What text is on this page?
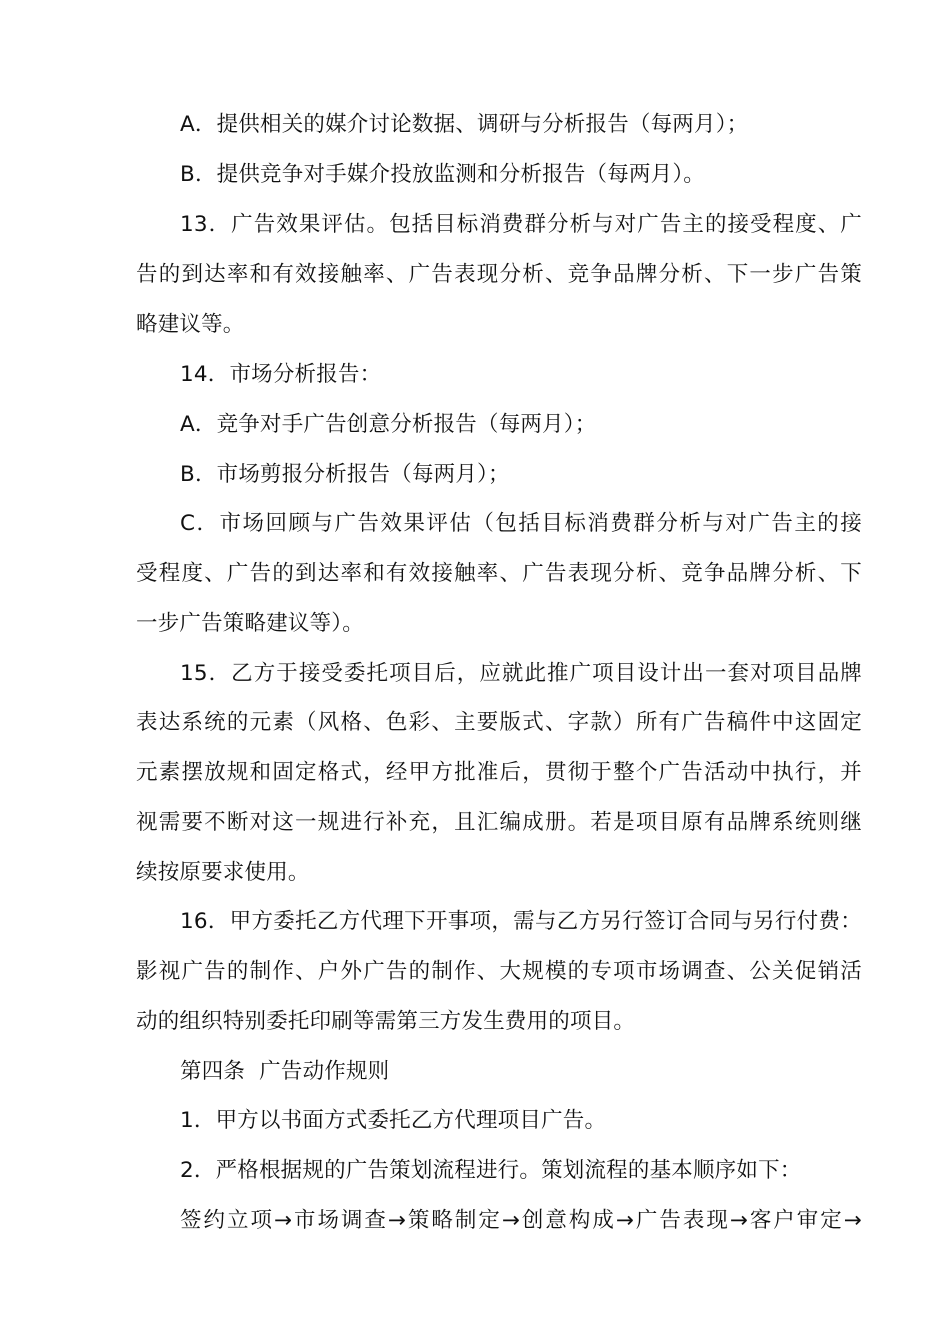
A．提供相关的媒介讨论数据、调研与分析报告（每两月）；
B．提供竞争对手媒介投放监测和分析报告（每两月）。
13．广告效果评估。包括目标消费群分析与对广告主的接受程度、广
告的到达率和有效接触率、广告表现分析、竞争品牌分析、下一步广告策
略建议等。
14．市场分析报告：
A．竞争对手广告创意分析报告（每两月）；
B．市场剪报分析报告（每两月）；
C．市场回顾与广告效果评估（包括目标消费群分析与对广告主的接
受程度、广告的到达率和有效接触率、广告表现分析、竞争品牌分析、下
一步广告策略建议等）。
15．乙方于接受委托项目后，应就此推广项目设计出一套对项目品牌
表达系统的元素（风格、色彩、主要版式、字款）所有广告稿件中这固定
元素摆放规和固定格式，经甲方批准后，贯彻于整个广告活动中执行，并
视需要不断对这一规进行补充，且汇编成册。若是项目原有品牌系统则继
续按原要求使用。
16．甲方委托乙方代理下开事项，需与乙方另行签订合同与另行付费：
影视广告的制作、户外广告的制作、大规模的专项市场调查、公关促销活
动的组织特别委托印刷等需第三方发生费用的项目。
第四条  广告动作规则
1．甲方以书面方式委托乙方代理项目广告。
2．严格根据规的广告策划流程进行。策划流程的基本顺序如下：
签约立项→市场调查→策略制定→创意构成→广告表现→客户审定→
